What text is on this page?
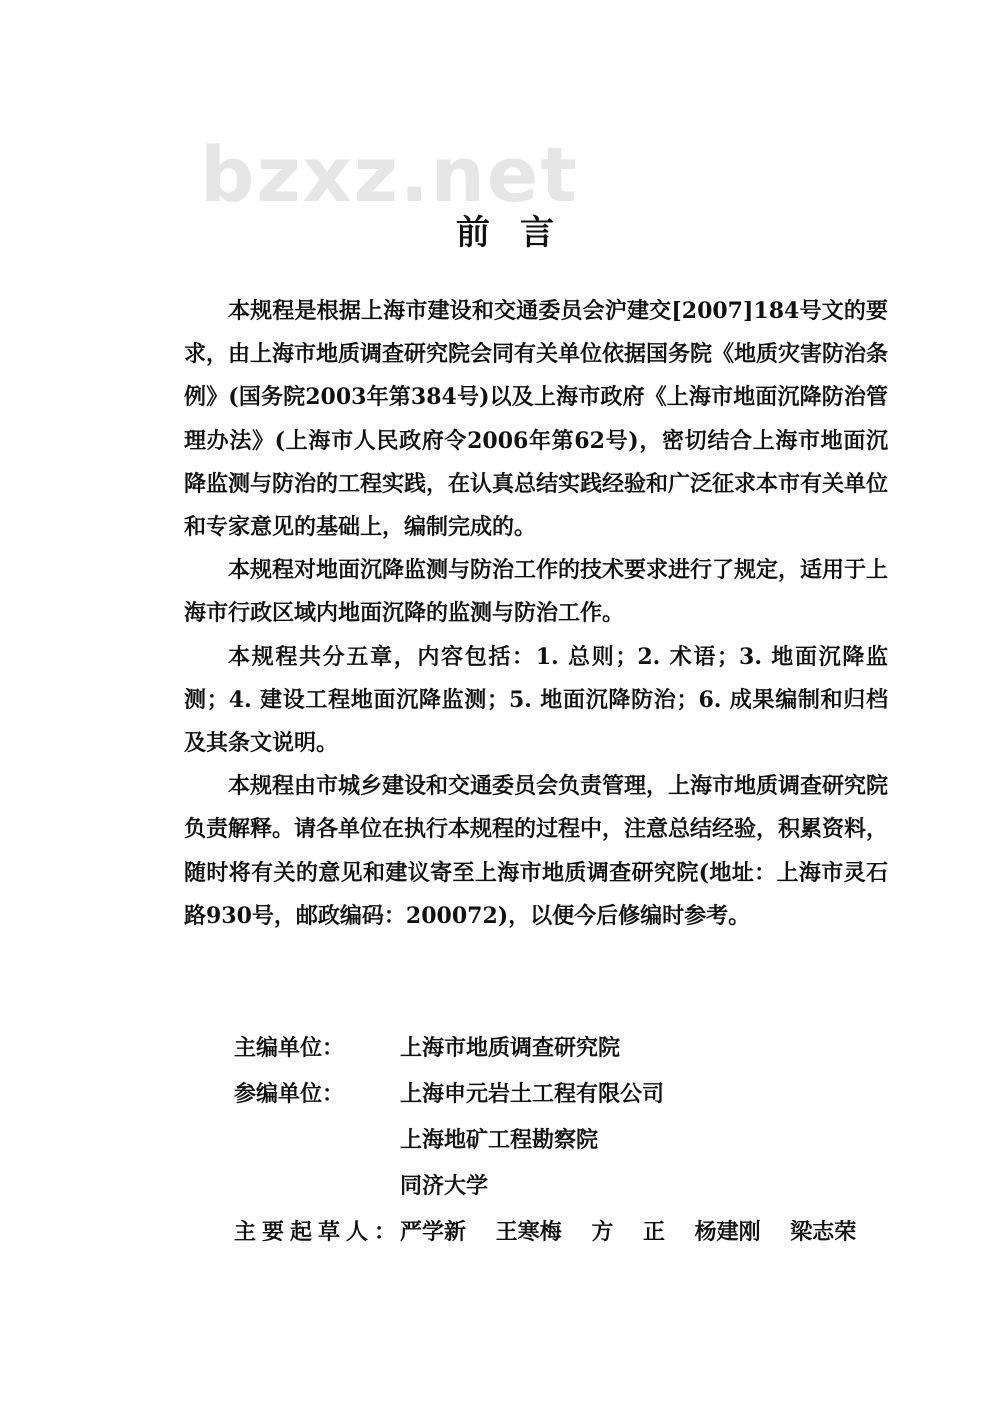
bzxz.net
前言

本规程是根据上海市建设和交通委员会沪建交[2007]184号文的要求，由上海市地质调查研究院会同有关单位依据国务院《地质灾害防治条例》(国务院2003年第384号)以及上海市政府《上海市地面沉降防治管理办法》(上海市人民政府令2006年第62号)，密切结合上海市地面沉降监测与防治的工程实践，在认真总结实践经验和广泛征求本市有关单位和专家意见的基础上，编制完成的。

本规程对地面沉降监测与防治工作的技术要求进行了规定，适用于上海市行政区域内地面沉降的监测与防治工作。

本规程共分五章，内容包括：1. 总则；2. 术语；3. 地面沉降监测；4. 建设工程地面沉降监测；5. 地面沉降防治；6. 成果编制和归档及其条文说明。

本规程由市城乡建设和交通委员会负责管理，上海市地质调查研究院负责解释。请各单位在执行本规程的过程中，注意总结经验，积累资料，随时将有关的意见和建议寄至上海市地质调查研究院(地址：上海市灵石路930号，邮政编码：200072)，以便今后修编时参考。

主编单位：	上海市地质调查研究院
参编单位：	上海申元岩土工程有限公司
上海地矿工程勘察院
同济大学
主要起草人：
严学新 王寒梅 方 正 杨建刚 梁志荣
